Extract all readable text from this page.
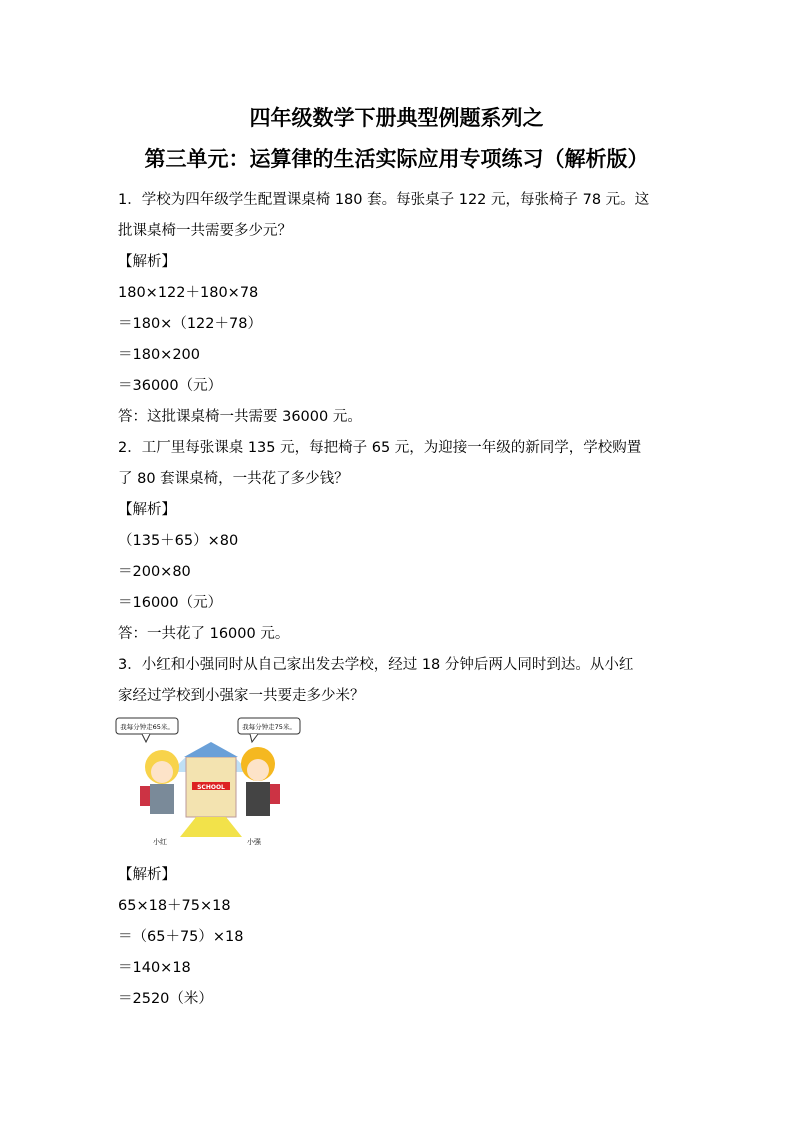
四年级数学下册典型例题系列之
第三单元：运算律的生活实际应用专项练习（解析版）
1．学校为四年级学生配置课桌椅 180 套。每张桌子 122 元，每张椅子 78 元。这
批课桌椅一共需要多少元？
【解析】
180×122＋180×78
＝180×（122＋78）
＝180×200
＝36000（元）
答：这批课桌椅一共需要 36000 元。
2．工厂里每张课桌 135 元，每把椅子 65 元，为迎接一年级的新同学，学校购置
了 80 套课桌椅，一共花了多少钱？
【解析】
（135＋65）×80
＝200×80
＝16000（元）
答：一共花了 16000 元。
3．小红和小强同时从自己家出发去学校，经过 18 分钟后两人同时到达。从小红
家经过学校到小强家一共要走多少米？
我每分钟走65米。	我每分钟走75米。
SCHOOL
小红	小强
【解析】
65×18＋75×18
＝（65＋75）×18
＝140×18
＝2520（米）
